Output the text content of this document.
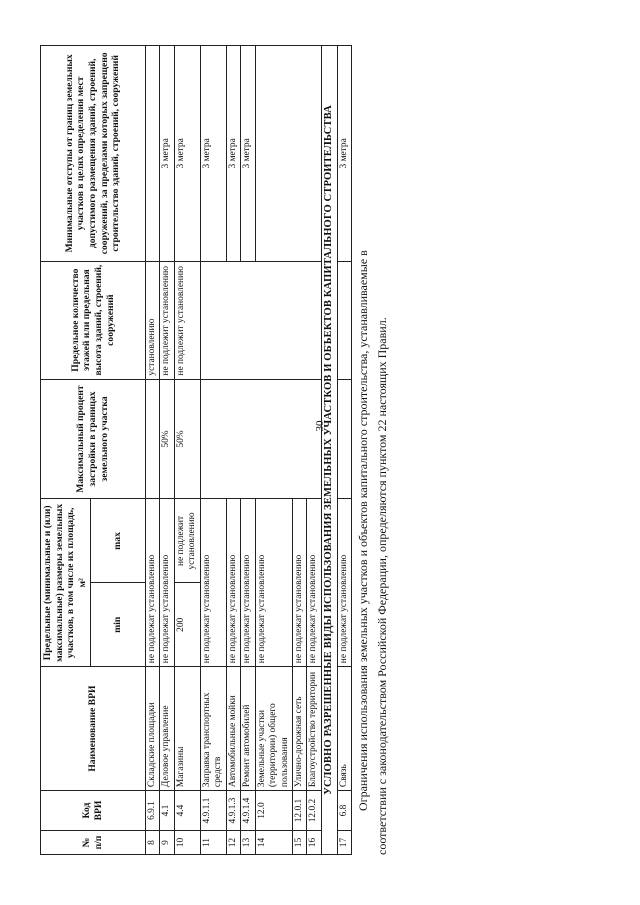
30
№ п/п	Код ВРИ	Наименование ВРИ	Предельные (минимальные и (или) максимальные) размеры земельных участков, в том числе их площадь, м²		Максимальный процент застройки в границах земельного участка	Предельное количество этажей или предельная высота зданий, строений, сооружений	Минимальные отступы от границ земельных участков в целях определения мест допустимого размещения зданий, строений, сооружений, за пределами которых запрещено строительство зданий, строений, сооружений
			min	max			
8	6.9.1	Складские площадки	не подлежат установлению			установлению	
9	4.1	Деловое управление	не подлежат установлению		50%	не подлежит установлению	3 метра
10	4.4	Магазины	200	не подлежит установлению	50%	не подлежит установлению	3 метра
11	4.9.1.1	Заправка транспортных средств	не подлежат установлению				3 метра
12	4.9.1.3	Автомобильные мойки	не подлежат установлению				3 метра
13	4.9.1.4	Ремонт автомобилей	не подлежат установлению				3 метра
14	12.0	Земельные участки (территории) общего пользования	не подлежат установлению				
15	12.0.1	Улично-дорожная сеть	не подлежат установлению				
16	12.0.2	Благоустройство территории	не подлежат установлению				
УСЛОВНО РАЗРЕШЕННЫЕ ВИДЫ ИСПОЛЬЗОВАНИЯ ЗЕМЕЛЬНЫХ УЧАСТКОВ И ОБЪЕКТОВ КАПИТАЛЬНОГО СТРОИТЕЛЬСТВА							
17	6.8	Связь	не подлежат установлению				3 метра

Ограничения использования земельных участков и объектов капитального строительства, устанавливаемые в соответствии с законодательством Российской Федерации, определяются пунктом 22 настоящих Правил.
